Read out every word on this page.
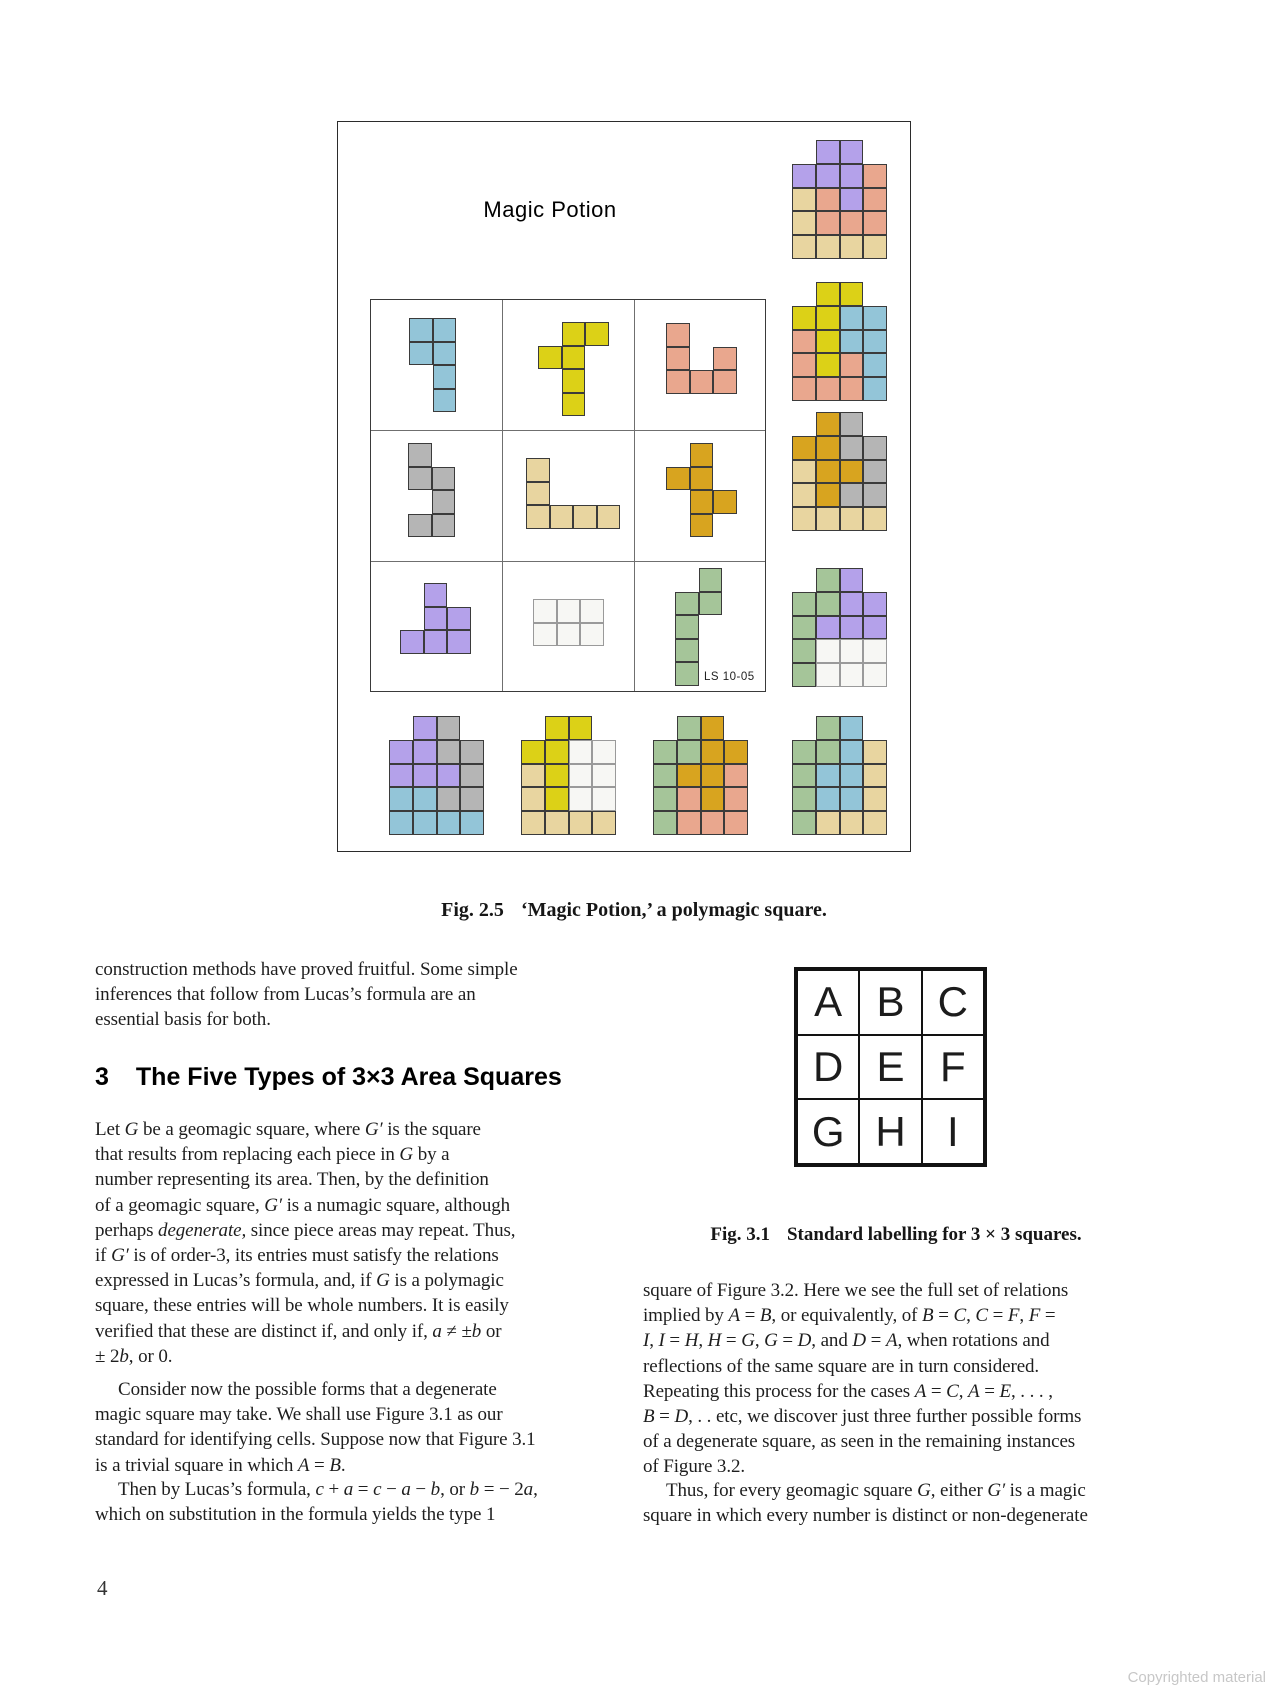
Magic Potion
LS 10-05

Fig. 2.5 ‘Magic Potion,’ a polymagic square.

construction methods have proved fruitful. Some simple
inferences that follow from Lucas’s formula are an
essential basis for both.
3 The Five Types of 3×3 Area Squares
Let G be a geomagic square, where G′ is the square
that results from replacing each piece in G by a
number representing its area. Then, by the definition
of a geomagic square, G′ is a numagic square, although
perhaps degenerate, since piece areas may repeat. Thus,
if G′ is of order-3, its entries must satisfy the relations
expressed in Lucas’s formula, and, if G is a polymagic
square, these entries will be whole numbers. It is easily
verified that these are distinct if, and only if, a ≠ ±b or
± 2b, or 0.
Consider now the possible forms that a degenerate
magic square may take. We shall use Figure 3.1 as our
standard for identifying cells. Suppose now that Figure 3.1
is a trivial square in which A = B.
Then by Lucas’s formula, c + a = c − a − b, or b = − 2a,
which on substitution in the formula yields the type 1
A B C
D E F
G H I

Fig. 3.1 Standard labelling for 3 × 3 squares.

square of Figure 3.2. Here we see the full set of relations
implied by A = B, or equivalently, of B = C, C = F, F =
I, I = H, H = G, G = D, and D = A, when rotations and
reflections of the same square are in turn considered.
Repeating this process for the cases A = C, A = E, . . . ,
B = D, . . etc, we discover just three further possible forms
of a degenerate square, as seen in the remaining instances
of Figure 3.2.
Thus, for every geomagic square G, either G′ is a magic
square in which every number is distinct or non-degenerate
4
Copyrighted material
